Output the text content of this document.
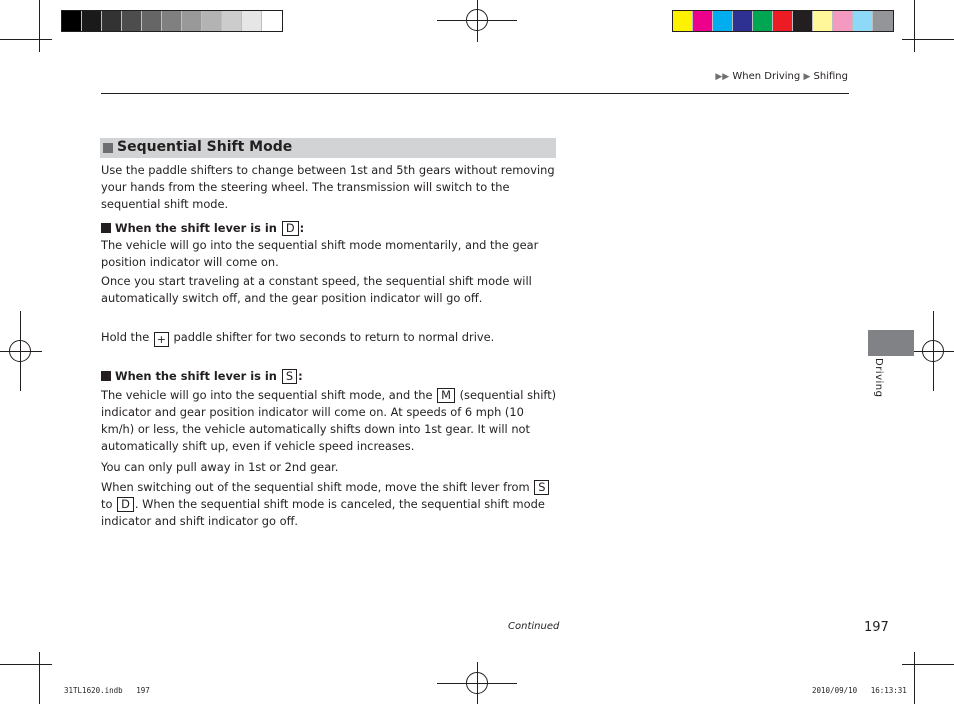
▶▶ When Driving ▶ Shifing
Sequential Shift Mode
Use the paddle shifters to change between 1st and 5th gears without removing your hands from the steering wheel. The transmission will switch to the sequential shift mode.
When the shift lever is in D :
The vehicle will go into the sequential shift mode momentarily, and the gear position indicator will come on.
Once you start traveling at a constant speed, the sequential shift mode will automatically switch off, and the gear position indicator will go off.
Hold the + paddle shifter for two seconds to return to normal drive.
When the shift lever is in S :
The vehicle will go into the sequential shift mode, and the M (sequential shift) indicator and gear position indicator will come on. At speeds of 6 mph (10 km/h) or less, the vehicle automatically shifts down into 1st gear. It will not automatically shift up, even if vehicle speed increases.
You can only pull away in 1st or 2nd gear.
When switching out of the sequential shift mode, move the shift lever from S to D . When the sequential shift mode is canceled, the sequential shift mode indicator and shift indicator go off.
Driving
Continued	197
31TL1620.indb   197	2010/09/10   16:13:31
